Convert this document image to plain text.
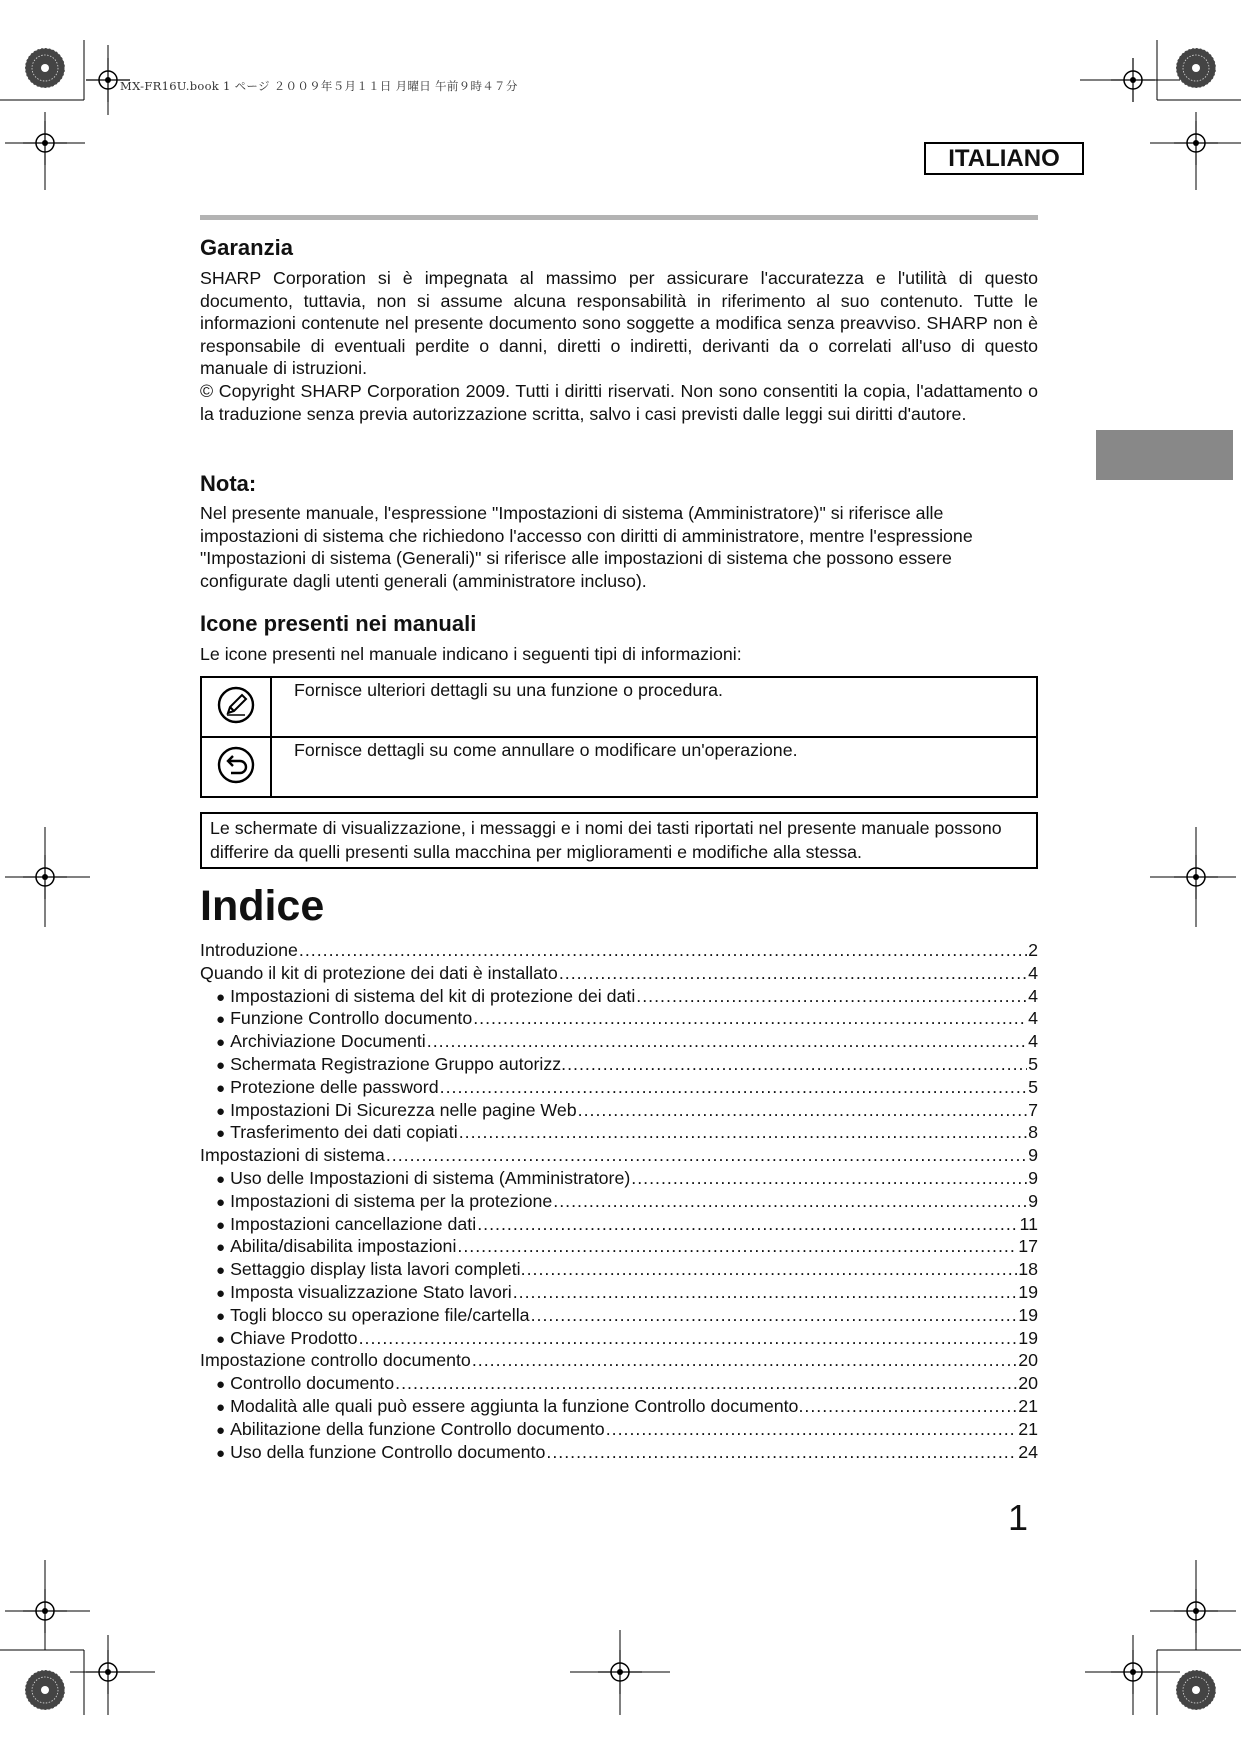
MX-FR16U.book 1 ページ ２００９年５月１１日 月曜日 午前９時４７分
ITALIANO
Garanzia
SHARP Corporation si è impegnata al massimo per assicurare l'accuratezza e l'utilità di questo documento, tuttavia, non si assume alcuna responsabilità in riferimento al suo contenuto. Tutte le informazioni contenute nel presente documento sono soggette a modifica senza preavviso. SHARP non è responsabile di eventuali perdite o danni, diretti o indiretti, derivanti da o correlati all'uso di questo manuale di istruzioni.
© Copyright SHARP Corporation 2009. Tutti i diritti riservati. Non sono consentiti la copia, l'adattamento o la traduzione senza previa autorizzazione scritta, salvo i casi previsti dalle leggi sui diritti d'autore.
Nota:
Nel presente manuale, l'espressione "Impostazioni di sistema (Amministratore)" si riferisce alle impostazioni di sistema che richiedono l'accesso con diritti di amministratore, mentre l'espressione "Impostazioni di sistema (Generali)" si riferisce alle impostazioni di sistema che possono essere configurate dagli utenti generali (amministratore incluso).
Icone presenti nei manuali
Le icone presenti nel manuale indicano i seguenti tipi di informazioni:
	Fornisce ulteriori dettagli su una funzione o procedura.
	Fornisce dettagli su come annullare o modificare un'operazione.
Le schermate di visualizzazione, i messaggi e i nomi dei tasti riportati nel presente manuale possono differire da quelli presenti sulla macchina per miglioramenti e modifiche alla stessa.
Indice
Introduzione .....	2
Quando il kit di protezione dei dati è installato .....	4
● Impostazioni di sistema del kit di protezione dei dati .....	4
● Funzione Controllo documento .....	4
● Archiviazione Documenti .....	4
● Schermata Registrazione Gruppo autorizz. .....	5
● Protezione delle password .....	5
● Impostazioni Di Sicurezza nelle pagine Web .....	7
● Trasferimento dei dati copiati .....	8
Impostazioni di sistema .....	9
● Uso delle Impostazioni di sistema (Amministratore) .....	9
● Impostazioni di sistema per la protezione .....	9
● Impostazioni cancellazione dati .....	11
● Abilita/disabilita impostazioni .....	17
● Settaggio display lista lavori completi. .....	18
● Imposta visualizzazione Stato lavori .....	19
● Togli blocco su operazione file/cartella .....	19
● Chiave Prodotto .....	19
Impostazione controllo documento .....	20
● Controllo documento .....	20
● Modalità alle quali può essere aggiunta la funzione Controllo documento. .....	21
● Abilitazione della funzione Controllo documento .....	21
● Uso della funzione Controllo documento .....	24
1
